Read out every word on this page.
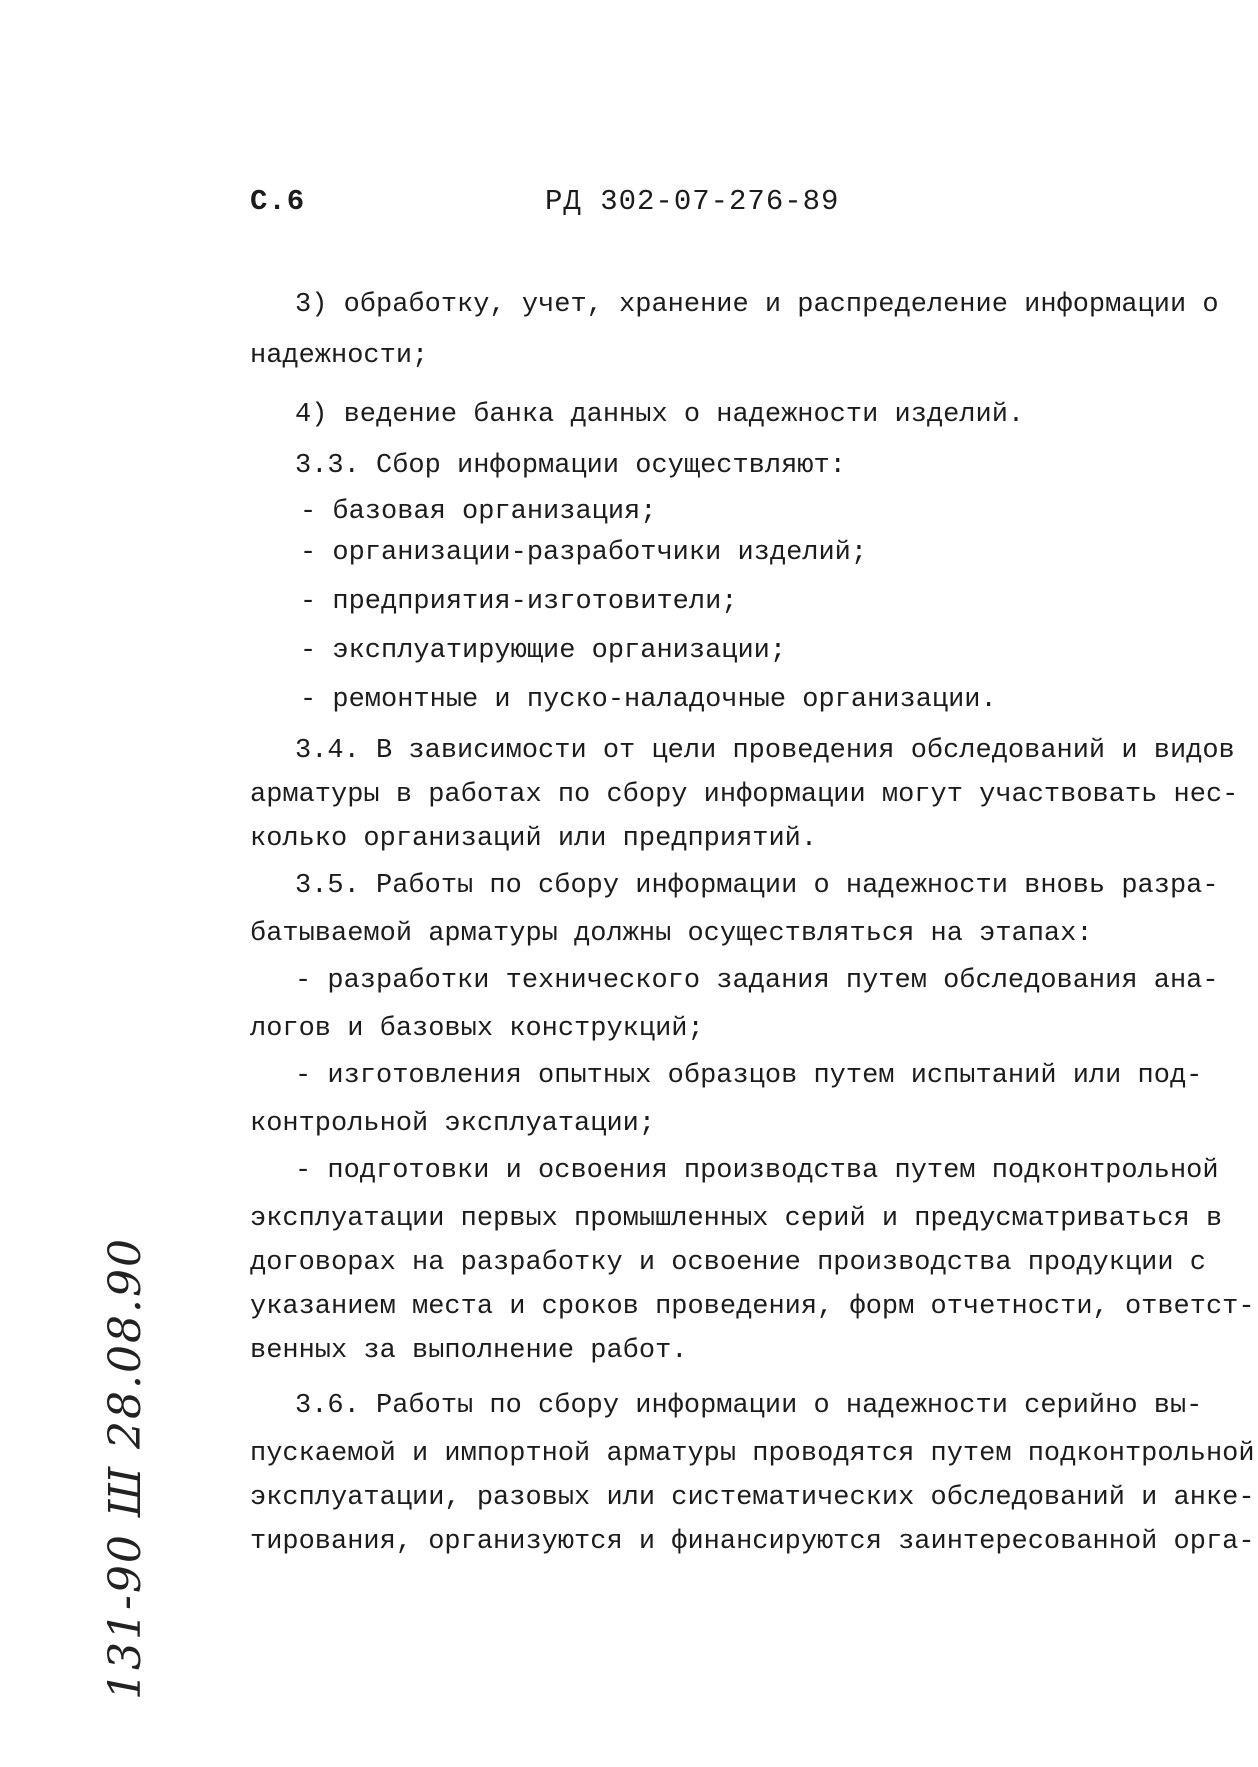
С.6	РД 302-07-276-89

3) обработку, учет, хранение и распределение информации о

надежности;

4) ведение банка данных о надежности изделий.

3.3. Сбор информации осуществляют:

- базовая организация;

- организации-разработчики изделий;

- предприятия-изготовители;

- эксплуатирующие организации;

- ремонтные и пуско-наладочные организации.

3.4. В зависимости от цели проведения обследований и видов

арматуры в работах по сбору информации могут участвовать нес-

колько организаций или предприятий.

3.5. Работы по сбору информации о надежности вновь разра-

батываемой арматуры должны осуществляться на этапах:

- разработки технического задания путем обследования ана-

логов и базовых конструкций;

- изготовления опытных образцов путем испытаний или под-

контрольной эксплуатации;

- подготовки и освоения производства путем подконтрольной

эксплуатации первых промышленных серий и предусматриваться в

договорах на разработку и освоение производства продукции с

указанием места и сроков проведения, форм отчетности, ответст-

венных за выполнение работ.

3.6. Работы по сбору информации о надежности серийно вы-

пускаемой и импортной арматуры проводятся путем подконтрольной

эксплуатации, разовых или систематических обследований и анке-

тирования, организуются и финансируются заинтересованной орга-

131-90 Ш 28.08.90
